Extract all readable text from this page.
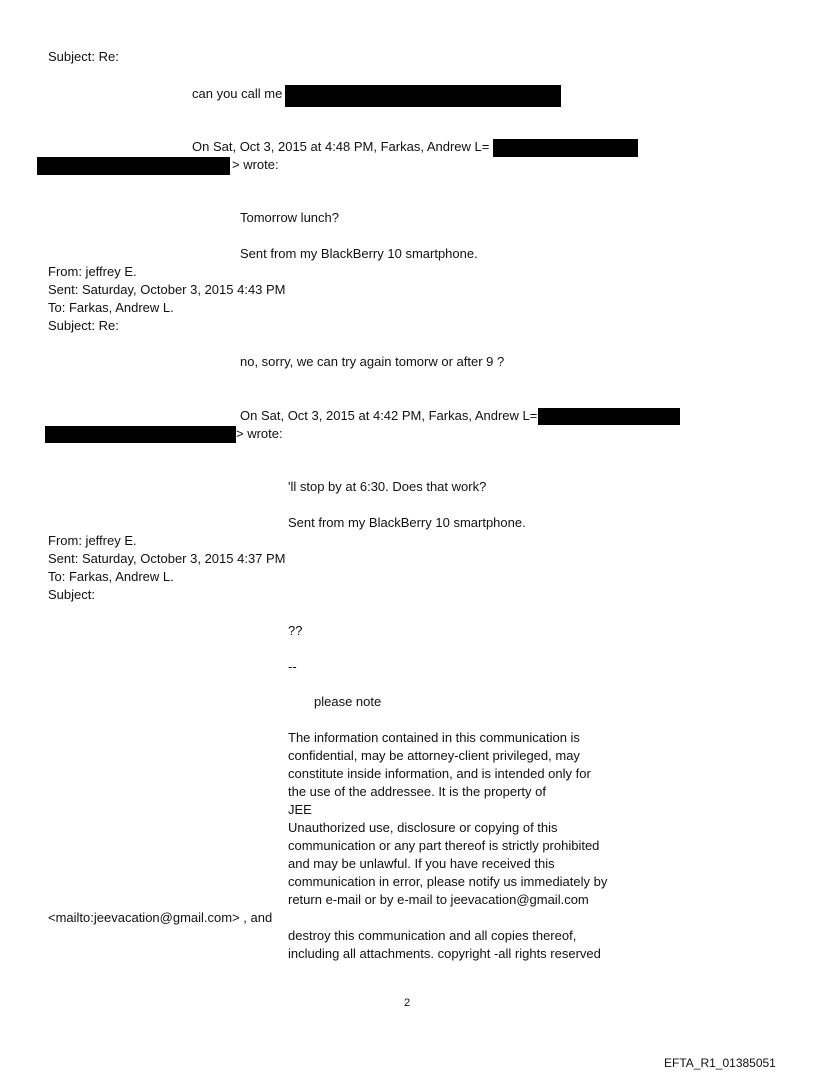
Subject: Re:
can you call me
On Sat, Oct 3, 2015 at 4:48 PM, Farkas, Andrew L=
> wrote:
Tomorrow lunch?
Sent from my BlackBerry 10 smartphone.
From: jeffrey E.
Sent: Saturday, October 3, 2015 4:43 PM
To: Farkas, Andrew L.
Subject: Re:
no, sorry, we can try again tomorw or after 9 ?
On Sat, Oct 3, 2015 at 4:42 PM, Farkas, Andrew L=
> wrote:
'll stop by at 6:30. Does that work?
Sent from my BlackBerry 10 smartphone.
From: jeffrey E.
Sent: Saturday, October 3, 2015 4:37 PM
To: Farkas, Andrew L.
Subject:
??
--
please note
The information contained in this communication is
confidential, may be attorney-client privileged, may
constitute inside information, and is intended only for
the use of the addressee. It is the property of
JEE
Unauthorized use, disclosure or copying of this
communication or any part thereof is strictly prohibited
and may be unlawful. If you have received this
communication in error, please notify us immediately by
return e-mail or by e-mail to jeevacation@gmail.com
<mailto:jeevacation@gmail.com> , and
destroy this communication and all copies thereof,
including all attachments. copyright -all rights reserved
2
EFTA_R1_01385051
